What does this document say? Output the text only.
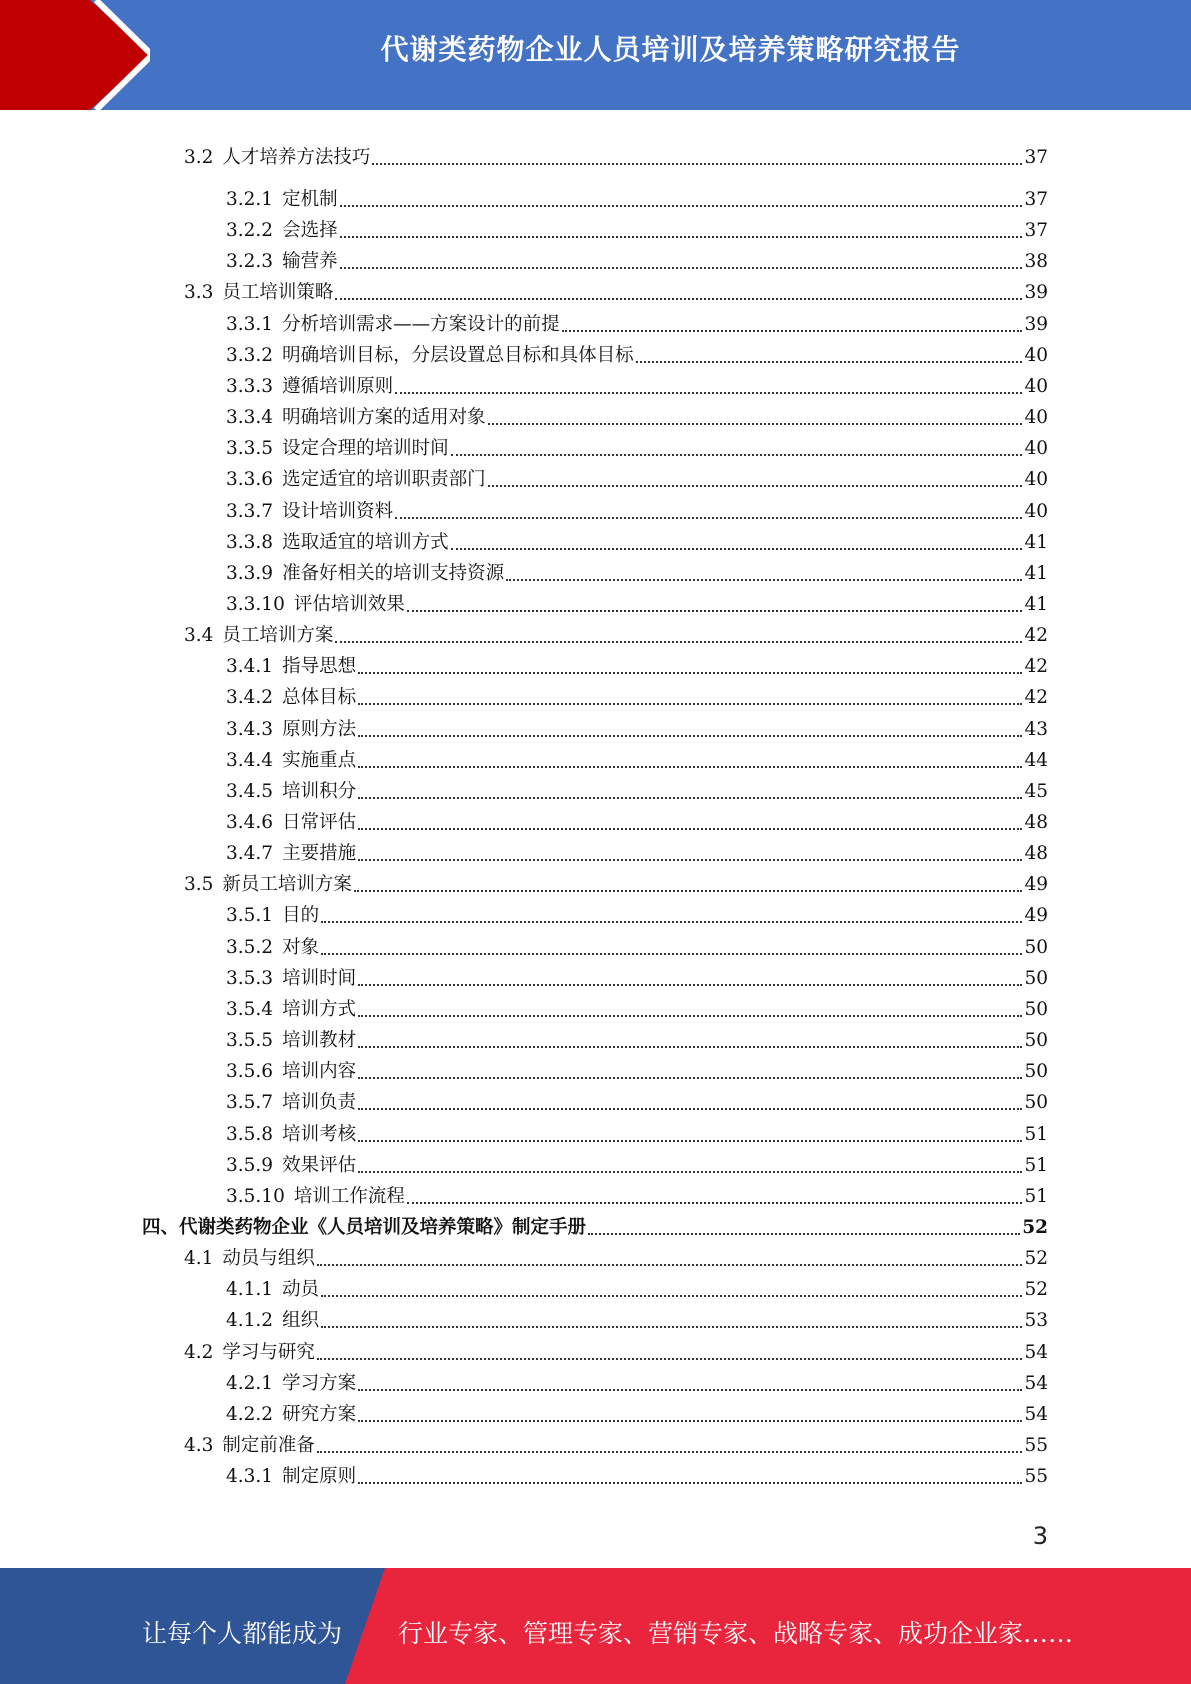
代谢类药物企业人员培训及培养策略研究报告
3.2 人才培养方法技巧	37
3.2.1 定机制	37
3.2.2 会选择	37
3.2.3 输营养	38
3.3 员工培训策略	39
3.3.1 分析培训需求——方案设计的前提	39
3.3.2 明确培训目标，分层设置总目标和具体目标	40
3.3.3 遵循培训原则	40
3.3.4 明确培训方案的适用对象	40
3.3.5 设定合理的培训时间	40
3.3.6 选定适宜的培训职责部门	40
3.3.7 设计培训资料	40
3.3.8 选取适宜的培训方式	41
3.3.9 准备好相关的培训支持资源	41
3.3.10 评估培训效果	41
3.4 员工培训方案	42
3.4.1 指导思想	42
3.4.2 总体目标	42
3.4.3 原则方法	43
3.4.4 实施重点	44
3.4.5 培训积分	45
3.4.6 日常评估	48
3.4.7 主要措施	48
3.5 新员工培训方案	49
3.5.1 目的	49
3.5.2 对象	50
3.5.3 培训时间	50
3.5.4 培训方式	50
3.5.5 培训教材	50
3.5.6 培训内容	50
3.5.7 培训负责	50
3.5.8 培训考核	51
3.5.9 效果评估	51
3.5.10 培训工作流程	51
四、代谢类药物企业《人员培训及培养策略》制定手册	52
4.1 动员与组织	52
4.1.1 动员	52
4.1.2 组织	53
4.2 学习与研究	54
4.2.1 学习方案	54
4.2.2 研究方案	54
4.3 制定前准备	55
4.3.1 制定原则	55
3
让每个人都能成为 行业专家、管理专家、营销专家、战略专家、成功企业家……
